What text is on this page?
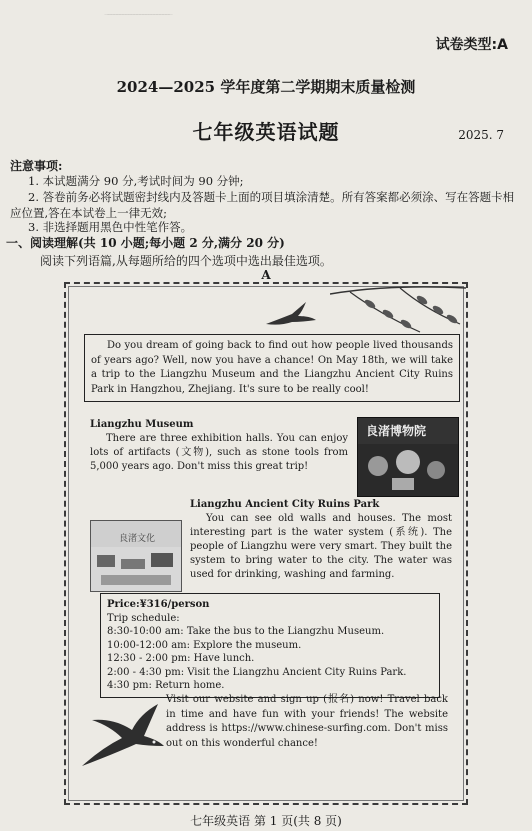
̶ ̶ ̶ ̶ ̶ ̶ ̶ ̶ ̶ ̶ ̶ ̶ ̶ ̶ ̶ ̶ ̶ ̶ ̶ ̶ ̶ ̶ ̶
试卷类型:A
2024—2025 学年度第二学期期末质量检测
七年级英语试题	2025. 7
注意事项:
1. 本试题满分 90 分,考试时间为 90 分钟;
2. 答卷前务必将试题密封线内及答题卡上面的项目填涂清楚。所有答案都必须涂、写在答题卡相应位置,答在本试卷上一律无效;
3. 非选择题用黑色中性笔作答。
一、阅读理解(共 10 小题;每小题 2 分,满分 20 分)
阅读下列语篇,从每题所给的四个选项中选出最佳选项。
A

Do you dream of going back to find out how people lived thousands of years ago? Well, now you have a chance! On May 18th, we will take a trip to the Liangzhu Museum and the Liangzhu Ancient City Ruins Park in Hangzhou, Zhejiang. It's sure to be really cool!

Liangzhu Museum

There are three exhibition halls. You can enjoy lots of artifacts (文物), such as stone tools from 5,000 years ago. Don't miss this great trip!

良渚博物院
Liangzhu Ancient City Ruins Park

You can see old walls and houses. The most interesting part is the water system (系统). The people of Liangzhu were very smart. They built the system to bring water to the city. The water was used for drinking, washing and farming.

良渚文化
Price:¥316/person
Trip schedule:
8:30-10:00 am: Take the bus to the Liangzhu Museum.
10:00-12:00 am: Explore the museum.
12:30 - 2:00 pm: Have lunch.
2:00 - 4:30 pm: Visit the Liangzhu Ancient City Ruins Park.
4:30 pm: Return home.
Visit our website and sign up (报名) now! Travel back in time and have fun with your friends! The website address is https://www.chinese-surfing.com. Don't miss out on this wonderful chance!
七年级英语 第 1 页(共 8 页)
